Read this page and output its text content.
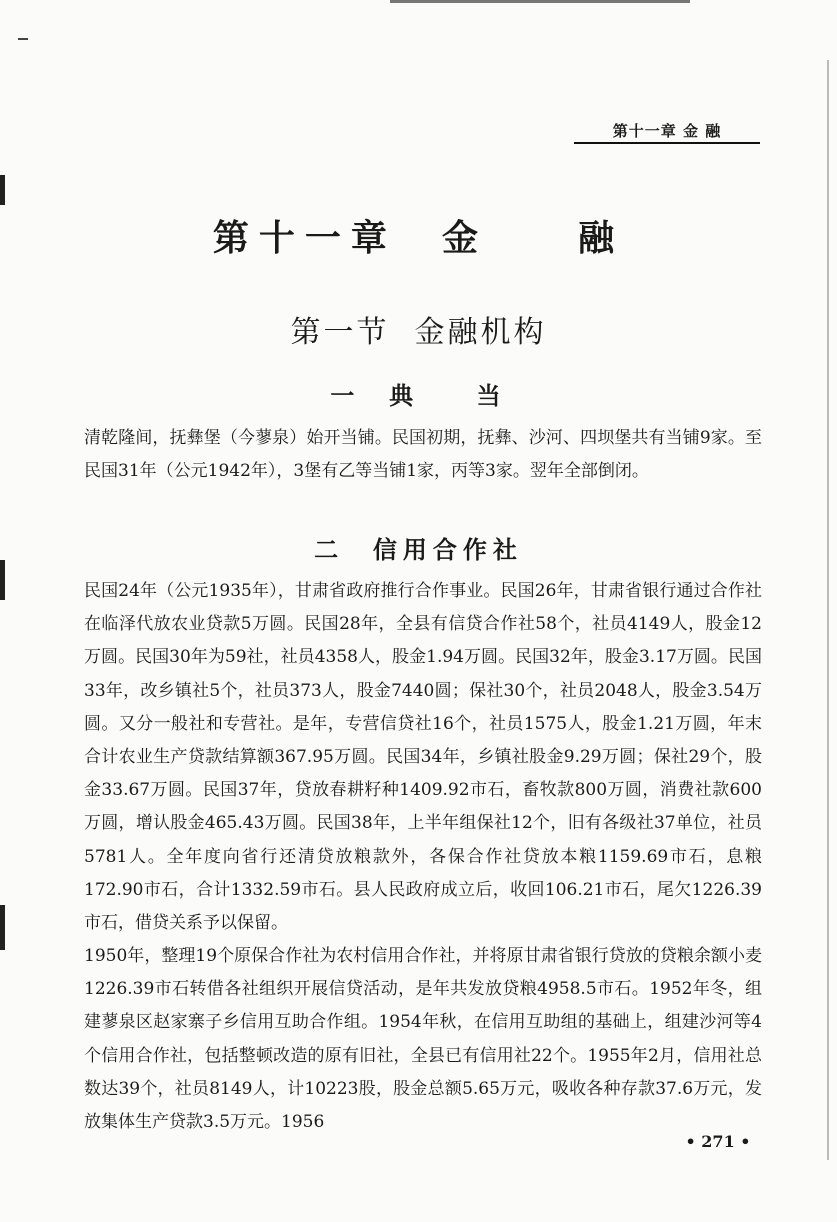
第十一章 金 融
第十一章  金    融
第一节  金融机构
一  典    当

清乾隆间，抚彝堡（今蓼泉）始开当铺。民国初期，抚彝、沙河、四坝堡共有当铺9家。至民国31年（公元1942年），3堡有乙等当铺1家，丙等3家。翌年全部倒闭。

二  信用合作社

民国24年（公元1935年），甘肃省政府推行合作事业。民国26年，甘肃省银行通过合作社在临泽代放农业贷款5万圆。民国28年，全县有信贷合作社58个，社员4149人，股金12万圆。民国30年为59社，社员4358人，股金1.94万圆。民国32年，股金3.17万圆。民国33年，改乡镇社5个，社员373人，股金7440圆；保社30个，社员2048人，股金3.54万圆。又分一般社和专营社。是年，专营信贷社16个，社员1575人，股金1.21万圆，年末合计农业生产贷款结算额367.95万圆。民国34年，乡镇社股金9.29万圆；保社29个，股金33.67万圆。民国37年，贷放春耕籽种1409.92市石，畜牧款800万圆，消费社款600万圆，增认股金465.43万圆。民国38年，上半年组保社12个，旧有各级社37单位，社员5781人。全年度向省行还清贷放粮款外，各保合作社贷放本粮1159.69市石，息粮172.90市石，合计1332.59市石。县人民政府成立后，收回106.21市石，尾欠1226.39市石，借贷关系予以保留。

1950年，整理19个原保合作社为农村信用合作社，并将原甘肃省银行贷放的贷粮余额小麦1226.39市石转借各社组织开展信贷活动，是年共发放贷粮4958.5市石。1952年冬，组建蓼泉区赵家寨子乡信用互助合作组。1954年秋，在信用互助组的基础上，组建沙河等4个信用合作社，包括整顿改造的原有旧社，全县已有信用社22个。1955年2月，信用社总数达39个，社员8149人，计10223股，股金总额5.65万元，吸收各种存款37.6万元，发放集体生产贷款3.5万元。1956

• 271 •
